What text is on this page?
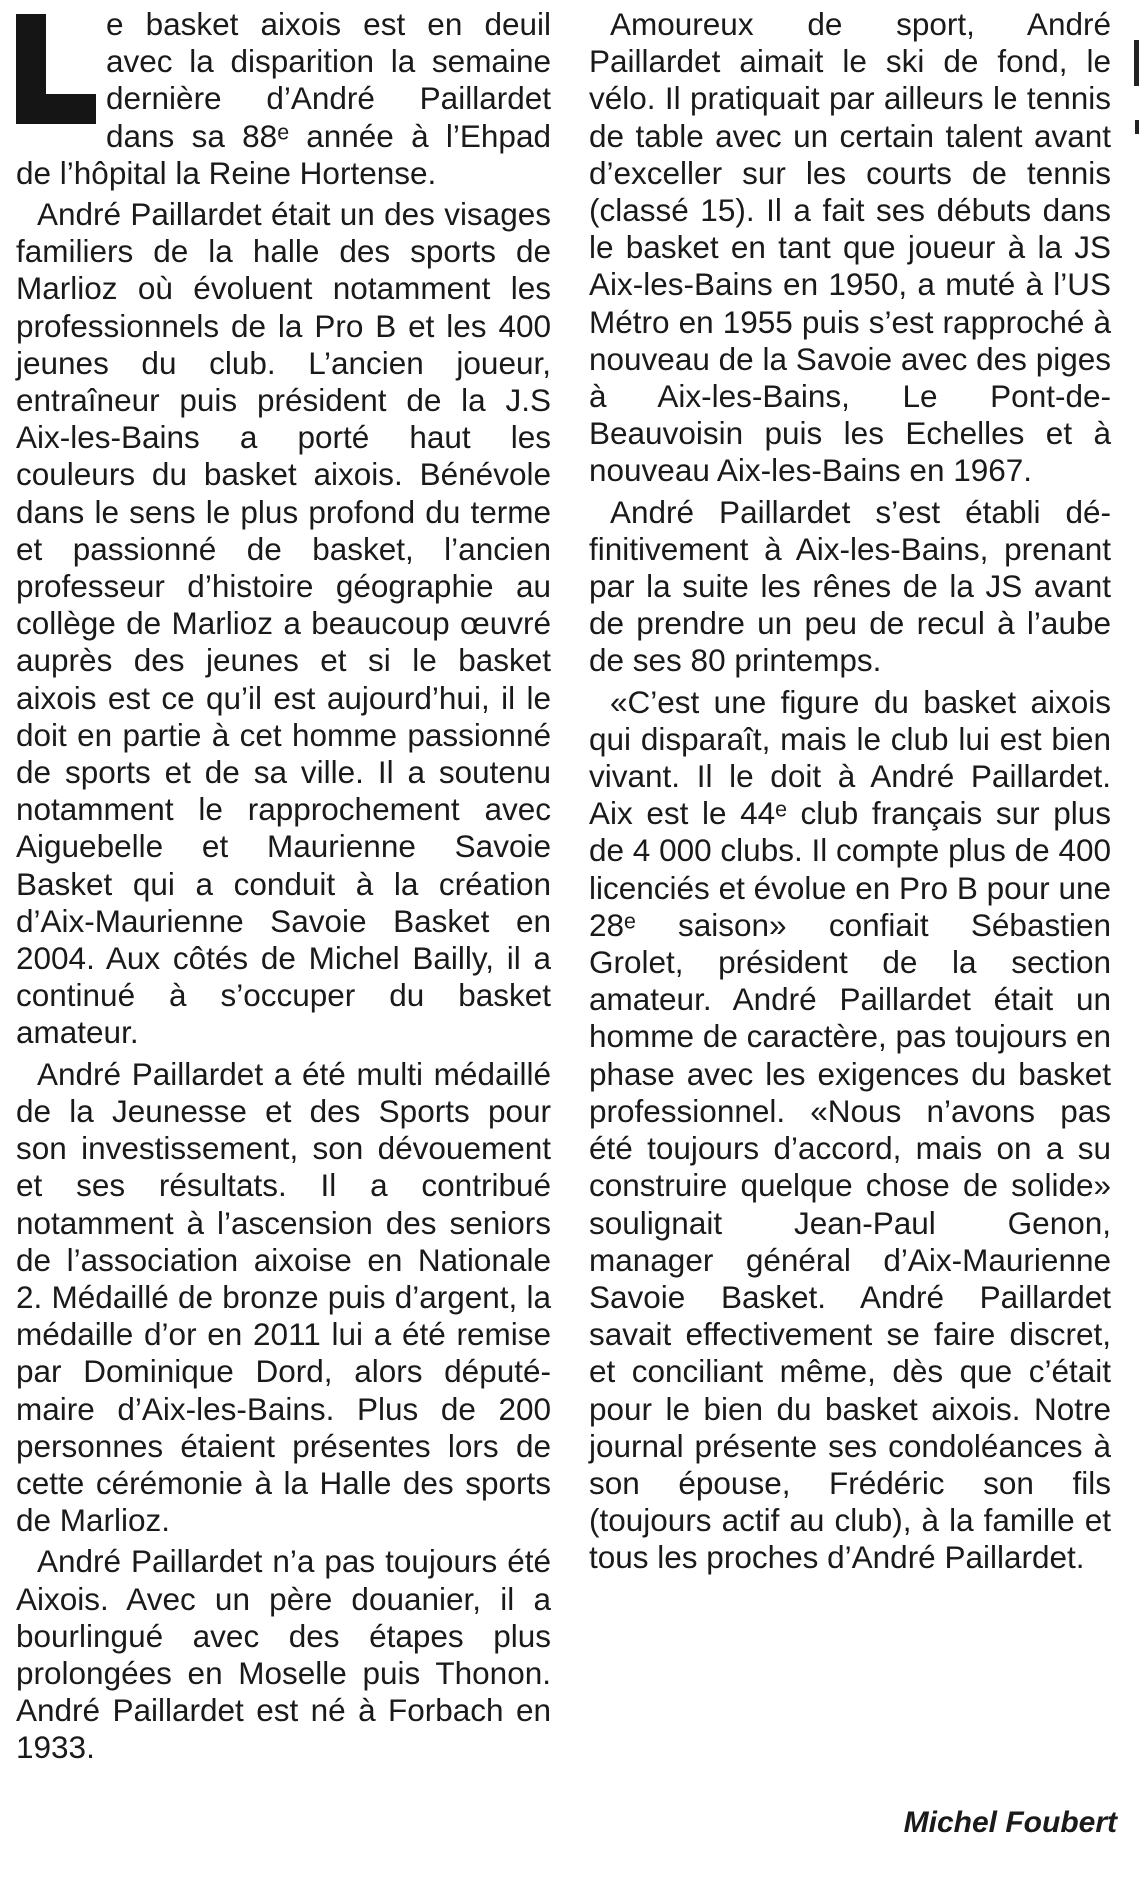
e basket aixois est en deuil avec la disparition la semaine dernière d’André Paillardet dans sa 88ᵉ année à l’Ehpad de l’hôpital la Reine Hortense.

André Paillardet était un des visages familiers de la halle des sports de Marlioz où évoluent notamment les professionnels de la Pro B et les 400 jeunes du club. L’ancien joueur, entraîneur puis président de la J.S Aix-les-Bains a porté haut les couleurs du basket aixois. Bénévole dans le sens le plus profond du terme et passionné de basket, l’ancien professeur d’histoire géographie au collège de Marlioz a beaucoup œuvré auprès des jeunes et si le basket aixois est ce qu’il est aujourd’hui, il le doit en partie à cet homme passionné de sports et de sa ville. Il a soutenu notamment le rapprochement avec Aiguebelle et Maurienne Savoie Basket qui a conduit à la création d’Aix-Maurienne Savoie Basket en 2004. Aux côtés de Michel Bailly, il a continué à s’occuper du basket amateur.

André Paillardet a été multi médaillé de la Jeunesse et des Sports pour son investissement, son dévouement et ses résultats. Il a contribué notamment à l’ascension des seniors de l’association aixoise en Nationale 2. Médaillé de bronze puis d’argent, la médaille d’or en 2011 lui a été remise par Dominique Dord, alors député-maire d’Aix-les-Bains. Plus de 200 personnes étaient présentes lors de cette cérémonie à la Halle des sports de Marlioz.

André Paillardet n’a pas toujours été Aixois. Avec un père douanier, il a bourlingué avec des étapes plus prolongées en Moselle puis Thonon. André Paillardet est né à Forbach en 1933.

Amoureux de sport, André Paillardet aimait le ski de fond, le vélo. Il pratiquait par ailleurs le tennis de table avec un certain talent avant d’exceller sur les courts de tennis (classé 15). Il a fait ses débuts dans le basket en tant que joueur à la JS Aix-les-Bains en 1950, a muté à l’US Métro en 1955 puis s’est rapproché à nouveau de la Savoie avec des piges à Aix-les-Bains, Le Pont-de-Beauvoisin puis les Echelles et à nouveau Aix-les-Bains en 1967.

André Paillardet s’est établi définitivement à Aix-les-Bains, prenant par la suite les rênes de la JS avant de prendre un peu de recul à l’aube de ses 80 printemps.

«C’est une figure du basket aixois qui disparaît, mais le club lui est bien vivant. Il le doit à André Paillardet. Aix est le 44ᵉ club français sur plus de 4 000 clubs. Il compte plus de 400 licenciés et évolue en Pro B pour une 28ᵉ saison» confiait Sébastien Grolet, président de la section amateur. André Paillardet était un homme de caractère, pas toujours en phase avec les exigences du basket professionnel. «Nous n’avons pas été toujours d’accord, mais on a su construire quelque chose de solide» soulignait Jean-Paul Genon, manager général d’Aix-Maurienne Savoie Basket. André Paillardet savait effectivement se faire discret, et conciliant même, dès que c’était pour le bien du basket aixois. Notre journal présente ses condoléances à son épouse, Frédéric son fils (toujours actif au club), à la famille et tous les proches d’André Paillardet.

Michel Foubert
